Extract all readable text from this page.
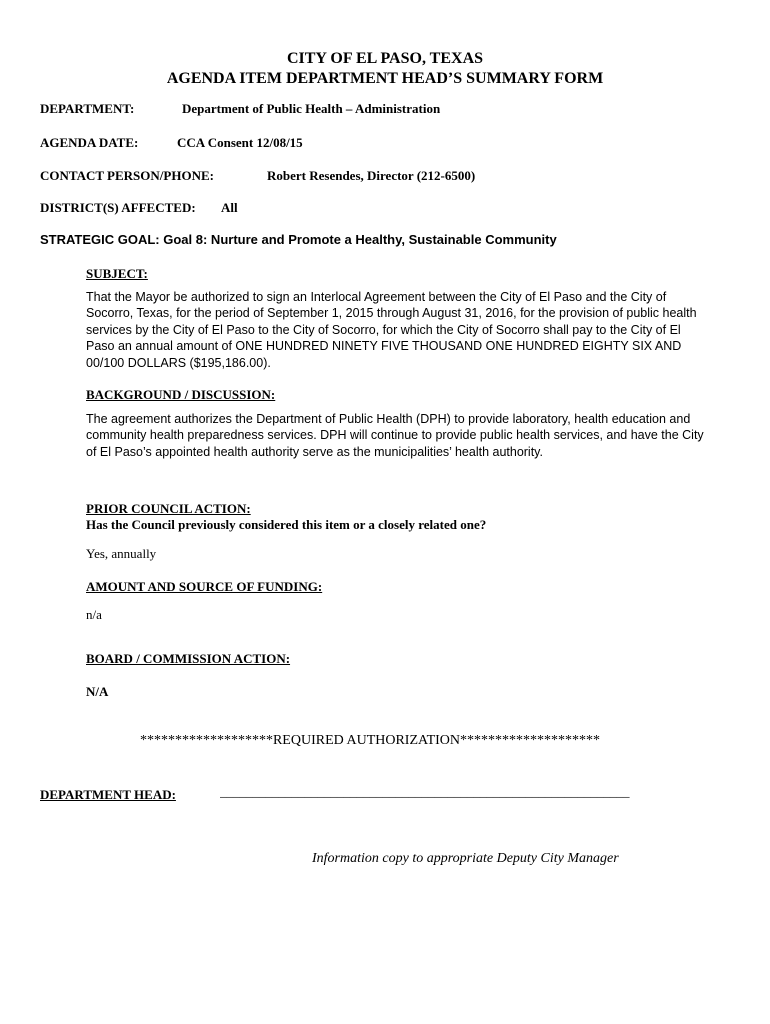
CITY OF EL PASO, TEXAS
AGENDA ITEM DEPARTMENT HEAD’S SUMMARY FORM
DEPARTMENT:	Department of Public Health – Administration
AGENDA DATE:	CCA Consent 12/08/15
CONTACT PERSON/PHONE:	Robert Resendes, Director (212-6500)
DISTRICT(S) AFFECTED: All
STRATEGIC GOAL: Goal 8: Nurture and Promote a Healthy, Sustainable Community
SUBJECT:
That the Mayor be authorized to sign an Interlocal Agreement between the City of El Paso and the City of Socorro, Texas, for the period of September 1, 2015 through August 31, 2016, for the provision of public health services by the City of El Paso to the City of Socorro, for which the City of Socorro shall pay to the City of El Paso an annual amount of ONE HUNDRED NINETY FIVE THOUSAND ONE HUNDRED EIGHTY SIX AND 00/100 DOLLARS ($195,186.00).
BACKGROUND / DISCUSSION:
The agreement authorizes the Department of Public Health (DPH) to provide laboratory, health education and community health preparedness services. DPH will continue to provide public health services, and have the City of El Paso’s appointed health authority serve as the municipalities’ health authority.
PRIOR COUNCIL ACTION:
Has the Council previously considered this item or a closely related one?
Yes, annually
AMOUNT AND SOURCE OF FUNDING:
n/a
BOARD / COMMISSION ACTION:
N/A
*******************REQUIRED AUTHORIZATION********************
DEPARTMENT HEAD:	_______________________________________________________________
Information copy to appropriate Deputy City Manager
